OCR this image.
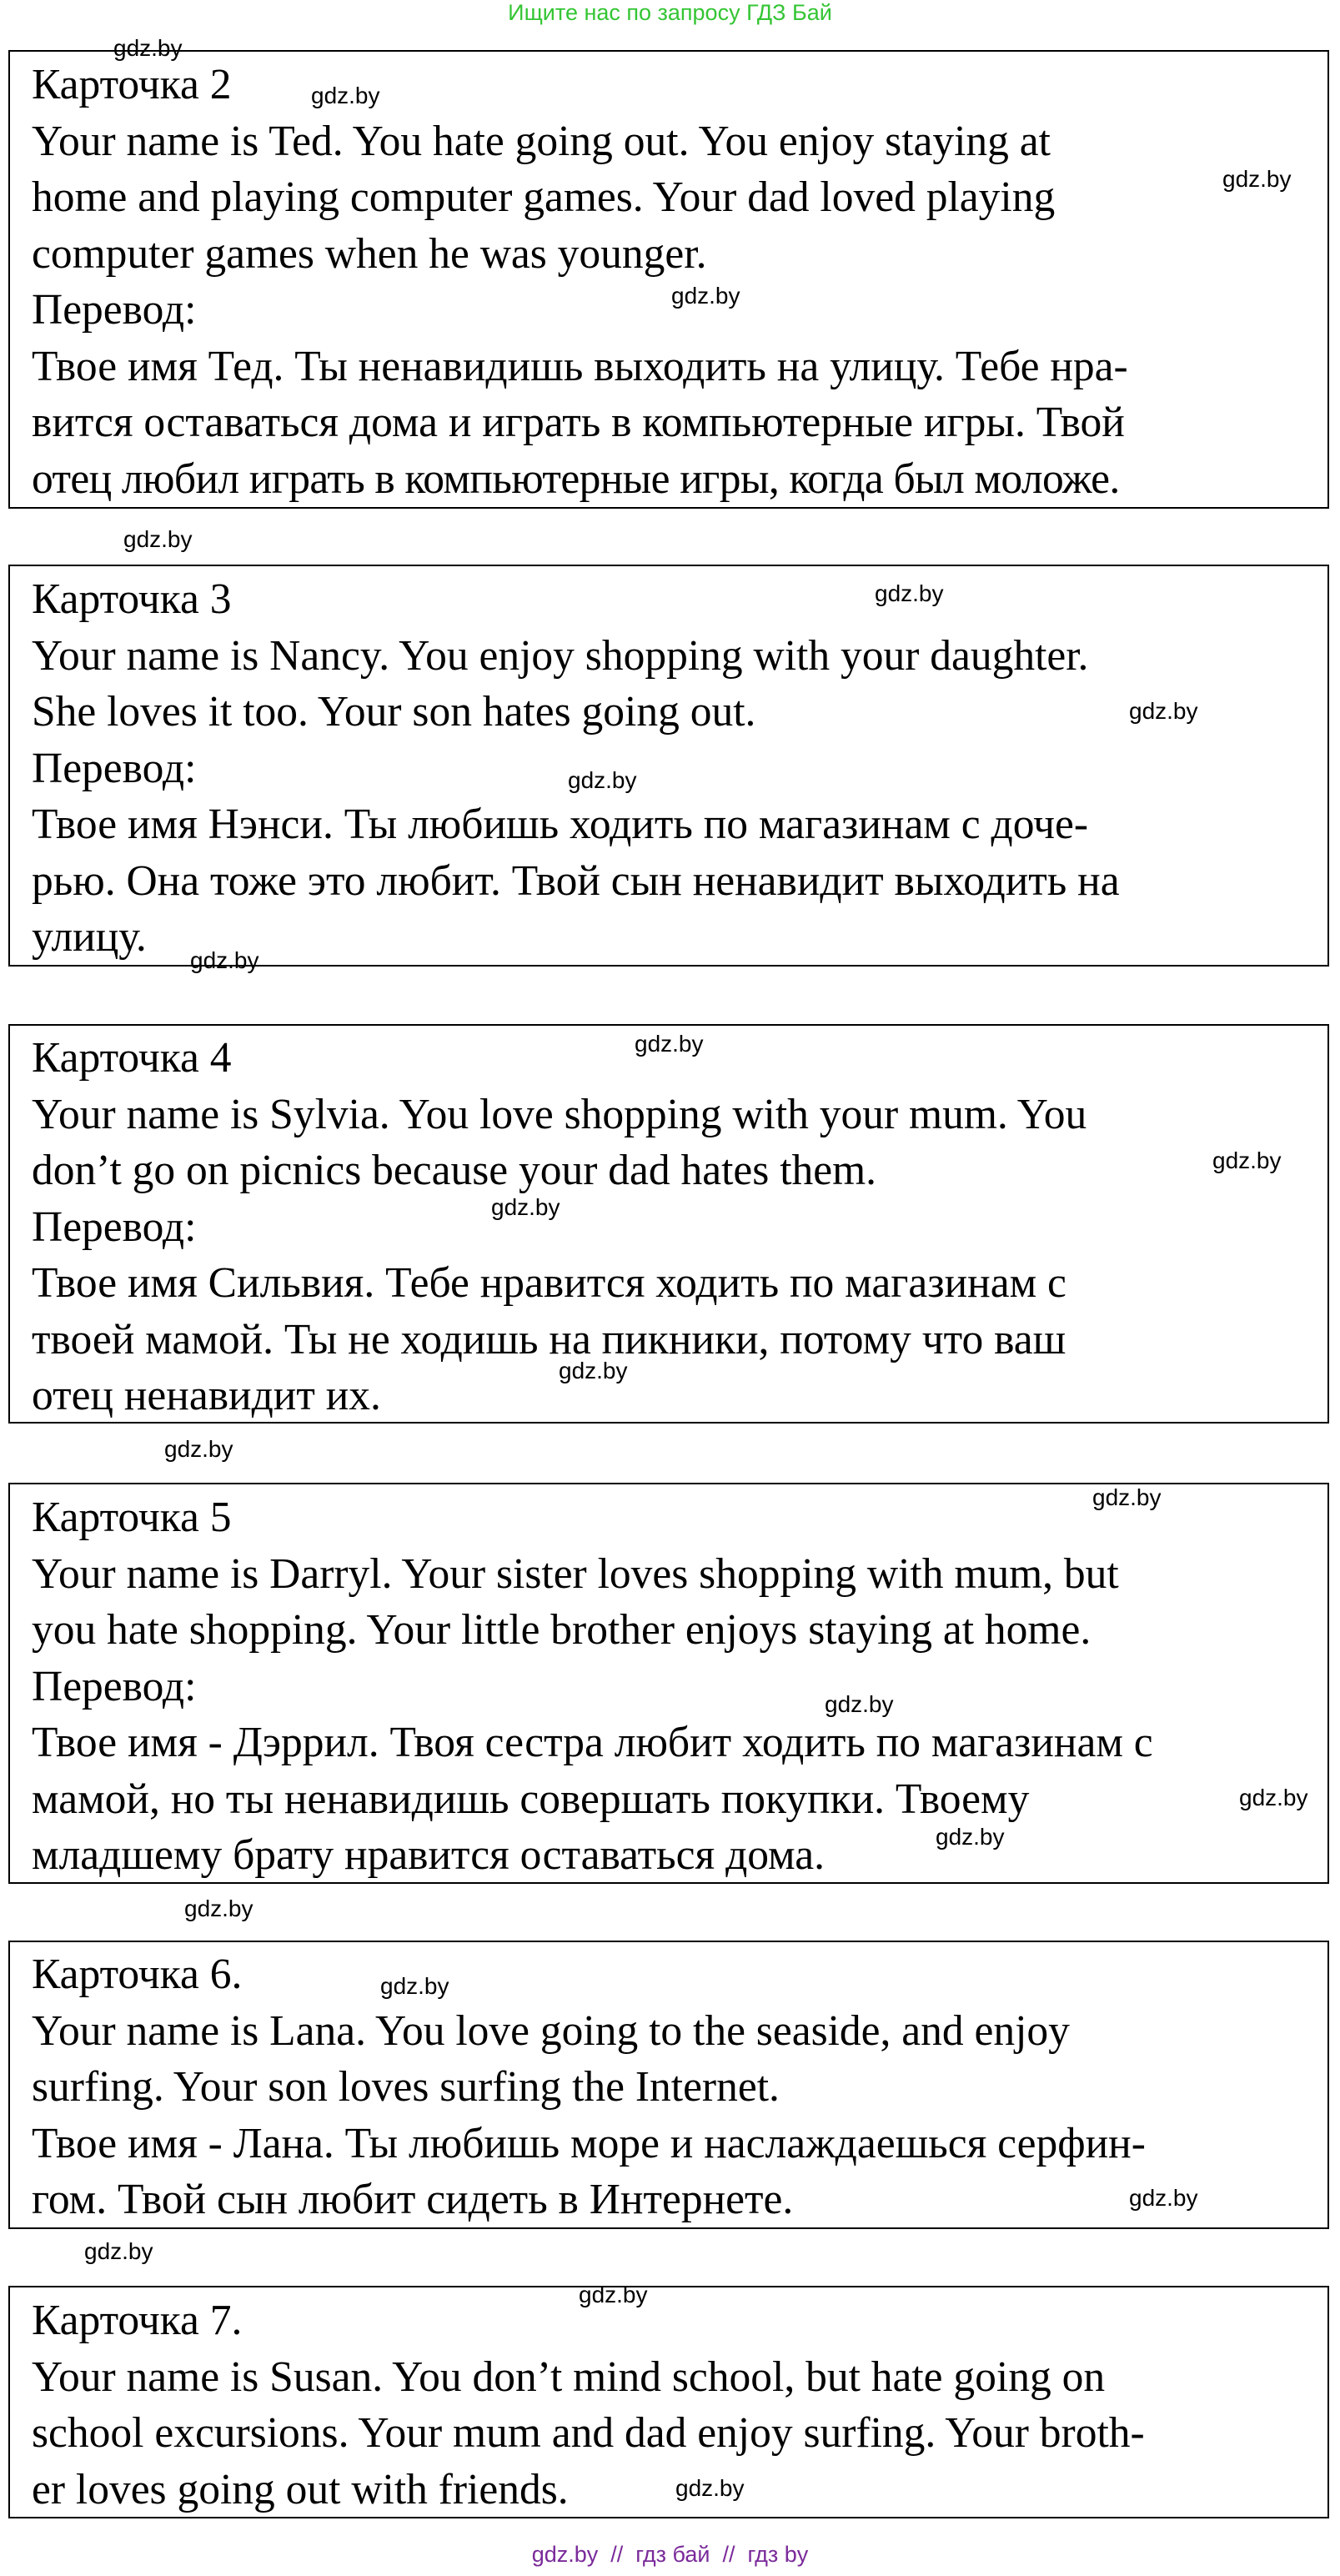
Ищите нас по запросу ГДЗ Бай

Карточка 2

Your name is Ted. You hate going out. You enjoy staying at

home and playing computer games. Your dad loved playing

computer games when he was younger.

Перевод:

Твое имя Тед. Ты ненавидишь выходить на улицу. Тебе нра-

вится оставаться дома и играть в компьютерные игры. Твой

отец любил играть в компьютерные игры, когда был моложе.

Карточка 3

Your name is Nancy. You enjoy shopping with your daughter.

She loves it too. Your son hates going out.

Перевод:

Твое имя Нэнси. Ты любишь ходить по магазинам с доче-

рью. Она тоже это любит. Твой сын ненавидит выходить на

улицу.

Карточка 4

Your name is Sylvia. You love shopping with your mum. You

don’t go on picnics because your dad hates them.

Перевод:

Твое имя Сильвия. Тебе нравится ходить по магазинам с

твоей мамой. Ты не ходишь на пикники, потому что ваш

отец ненавидит их.

Карточка 5

Your name is Darryl. Your sister loves shopping with mum, but

you hate shopping. Your little brother enjoys staying at home.

Перевод:

Твое имя - Дэррил. Твоя сестра любит ходить по магазинам с

мамой, но ты ненавидишь совершать покупки. Твоему

младшему брату нравится оставаться дома.

Карточка 6.

Your name is Lana. You love going to the seaside, and enjoy

surfing. Your son loves surfing the Internet.

Твое имя - Лана. Ты любишь море и наслаждаешься серфин-

гом. Твой сын любит сидеть в Интернете.

Карточка 7.

Your name is Susan. You don’t mind school, but hate going on

school excursions. Your mum and dad enjoy surfing. Your broth-

er loves going out with friends.

gdz.by
gdz.by
gdz.by
gdz.by
gdz.by
gdz.by
gdz.by
gdz.by
gdz.by
gdz.by
gdz.by
gdz.by
gdz.by
gdz.by
gdz.by
gdz.by
gdz.by
gdz.by
gdz.by
gdz.by
gdz.by
gdz.by
gdz.by
gdz.by
gdz.by  //  гдз бай  //  гдз by
